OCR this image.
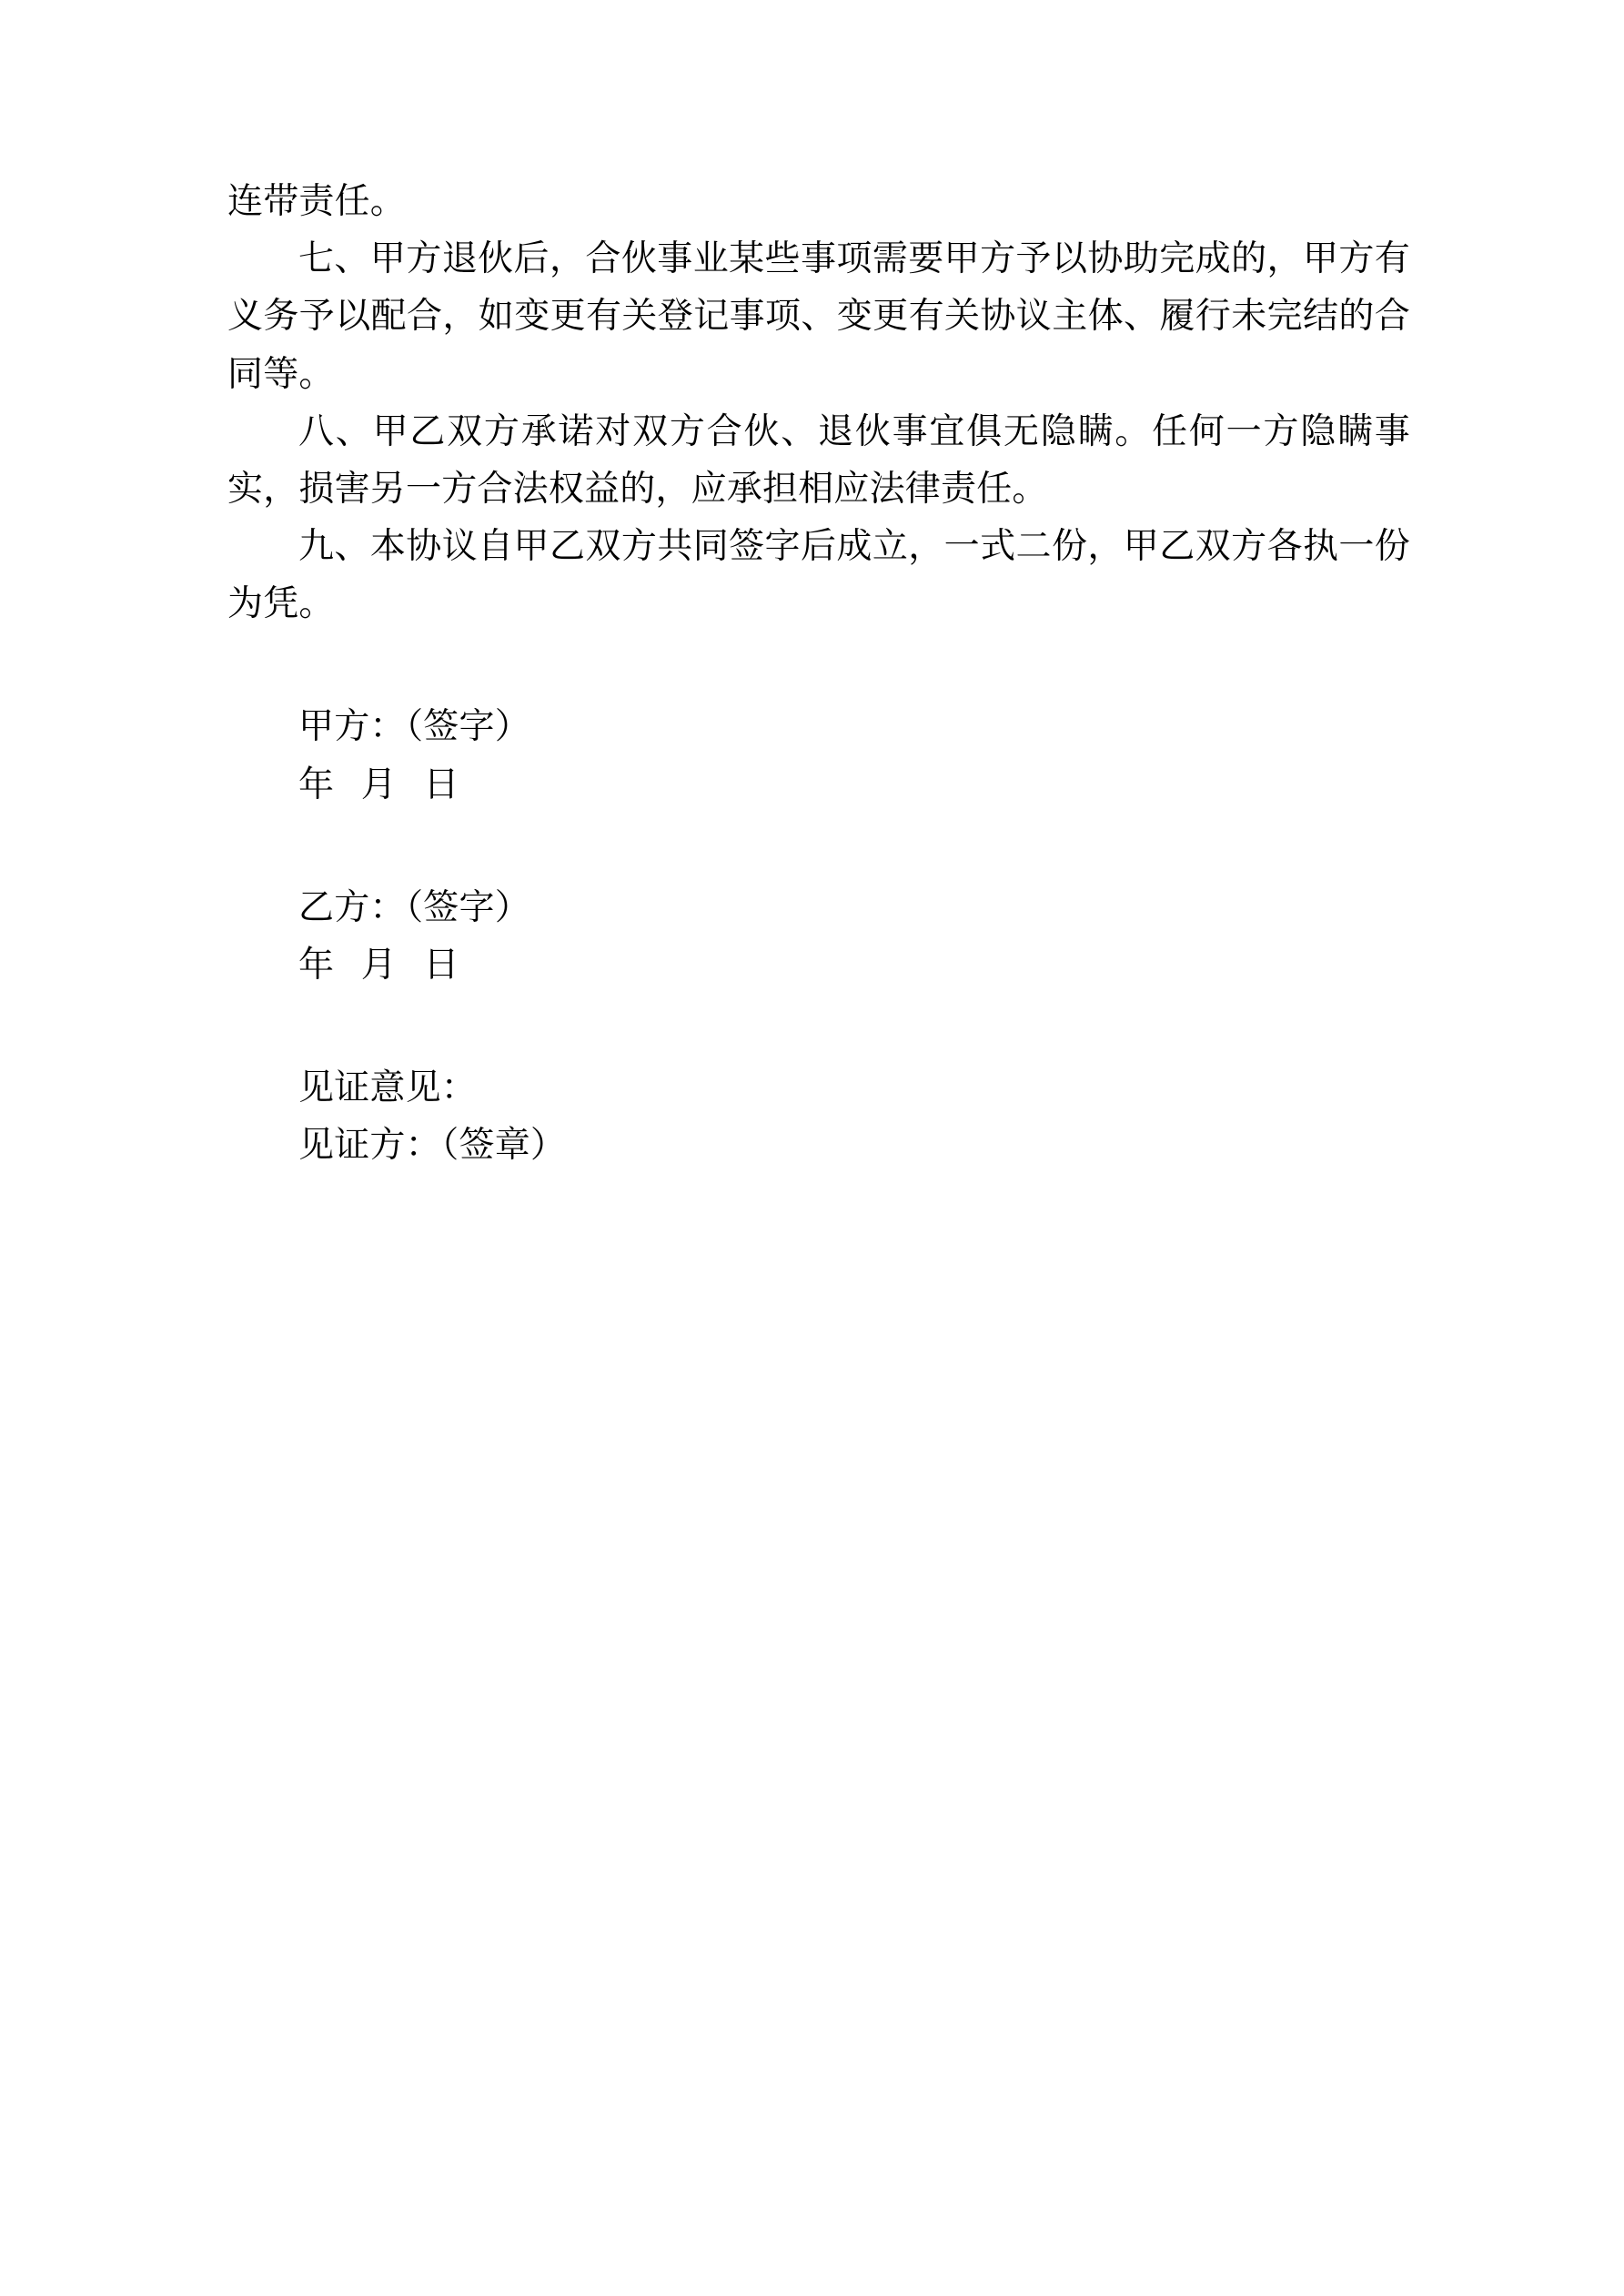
连带责任。

七、甲方退伙后，合伙事业某些事项需要甲方予以协助完成的，甲方有义务予以配合，如变更有关登记事项、变更有关协议主体、履行未完结的合同等。

八、甲乙双方承诺对双方合伙、退伙事宜俱无隐瞒。任何一方隐瞒事实，损害另一方合法权益的，应承担相应法律责任。

九、本协议自甲乙双方共同签字后成立，一式二份，甲乙双方各执一份为凭。

甲方：（签字）

年 月 日

乙方：（签字）

年 月 日

见证意见：

见证方：（签章）
